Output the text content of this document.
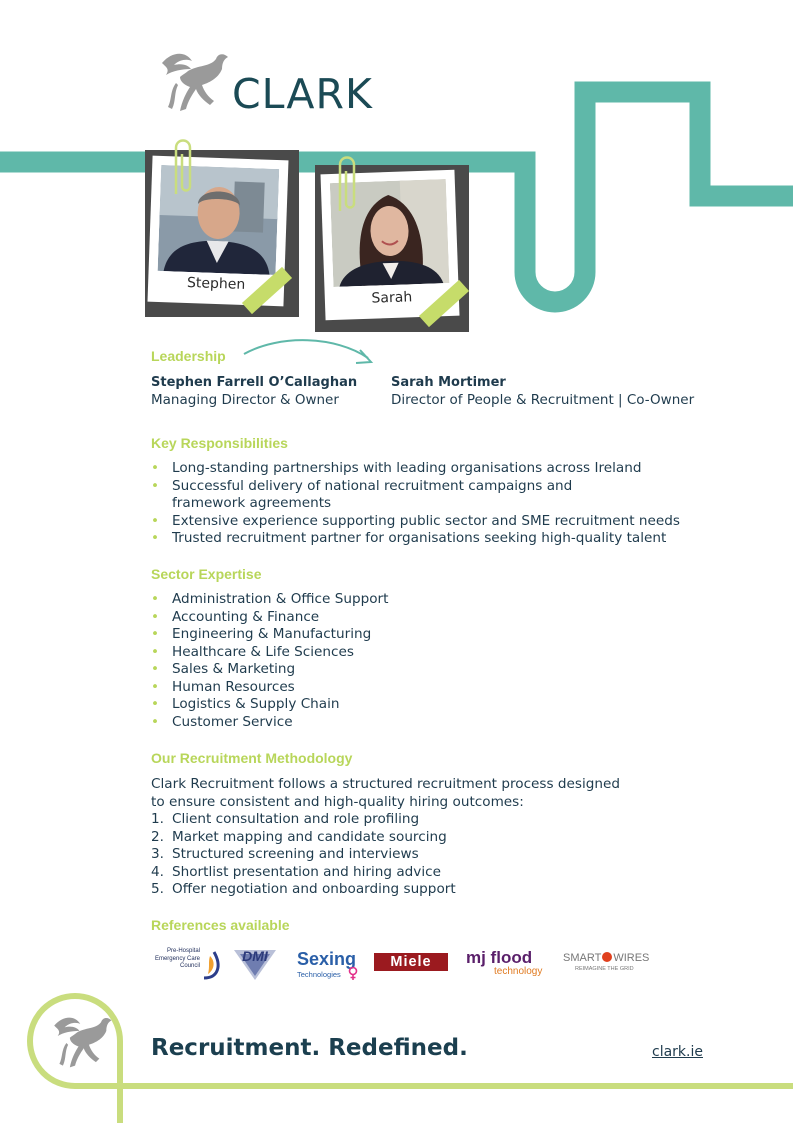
CLARK
Stephen
Sarah
Leadership
Stephen Farrell O’Callaghan
Managing Director & Owner
Sarah Mortimer
Director of People & Recruitment | Co-Owner
Key Responsibilities
• Long-standing partnerships with leading organisations across Ireland
• Successful delivery of national recruitment campaigns and framework agreements
• Extensive experience supporting public sector and SME recruitment needs
• Trusted recruitment partner for organisations seeking high-quality talent
Sector Expertise
• Administration & Office Support
• Accounting & Finance
• Engineering & Manufacturing
• Healthcare & Life Sciences
• Sales & Marketing
• Human Resources
• Logistics & Supply Chain
• Customer Service
Our Recruitment Methodology
Clark Recruitment follows a structured recruitment process designed to ensure consistent and high-quality hiring outcomes:
1. Client consultation and role profiling
2. Market mapping and candidate sourcing
3. Structured screening and interviews
4. Shortlist presentation and hiring advice
5. Offer negotiation and onboarding support
References available
Pre-Hospital
Emergency Care
Council
DMI	Sexing
Technologies
Miele	mj flood
technology
SMART WIRES
REIMAGINE THE GRID
Recruitment. Redefined.	clark.ie
